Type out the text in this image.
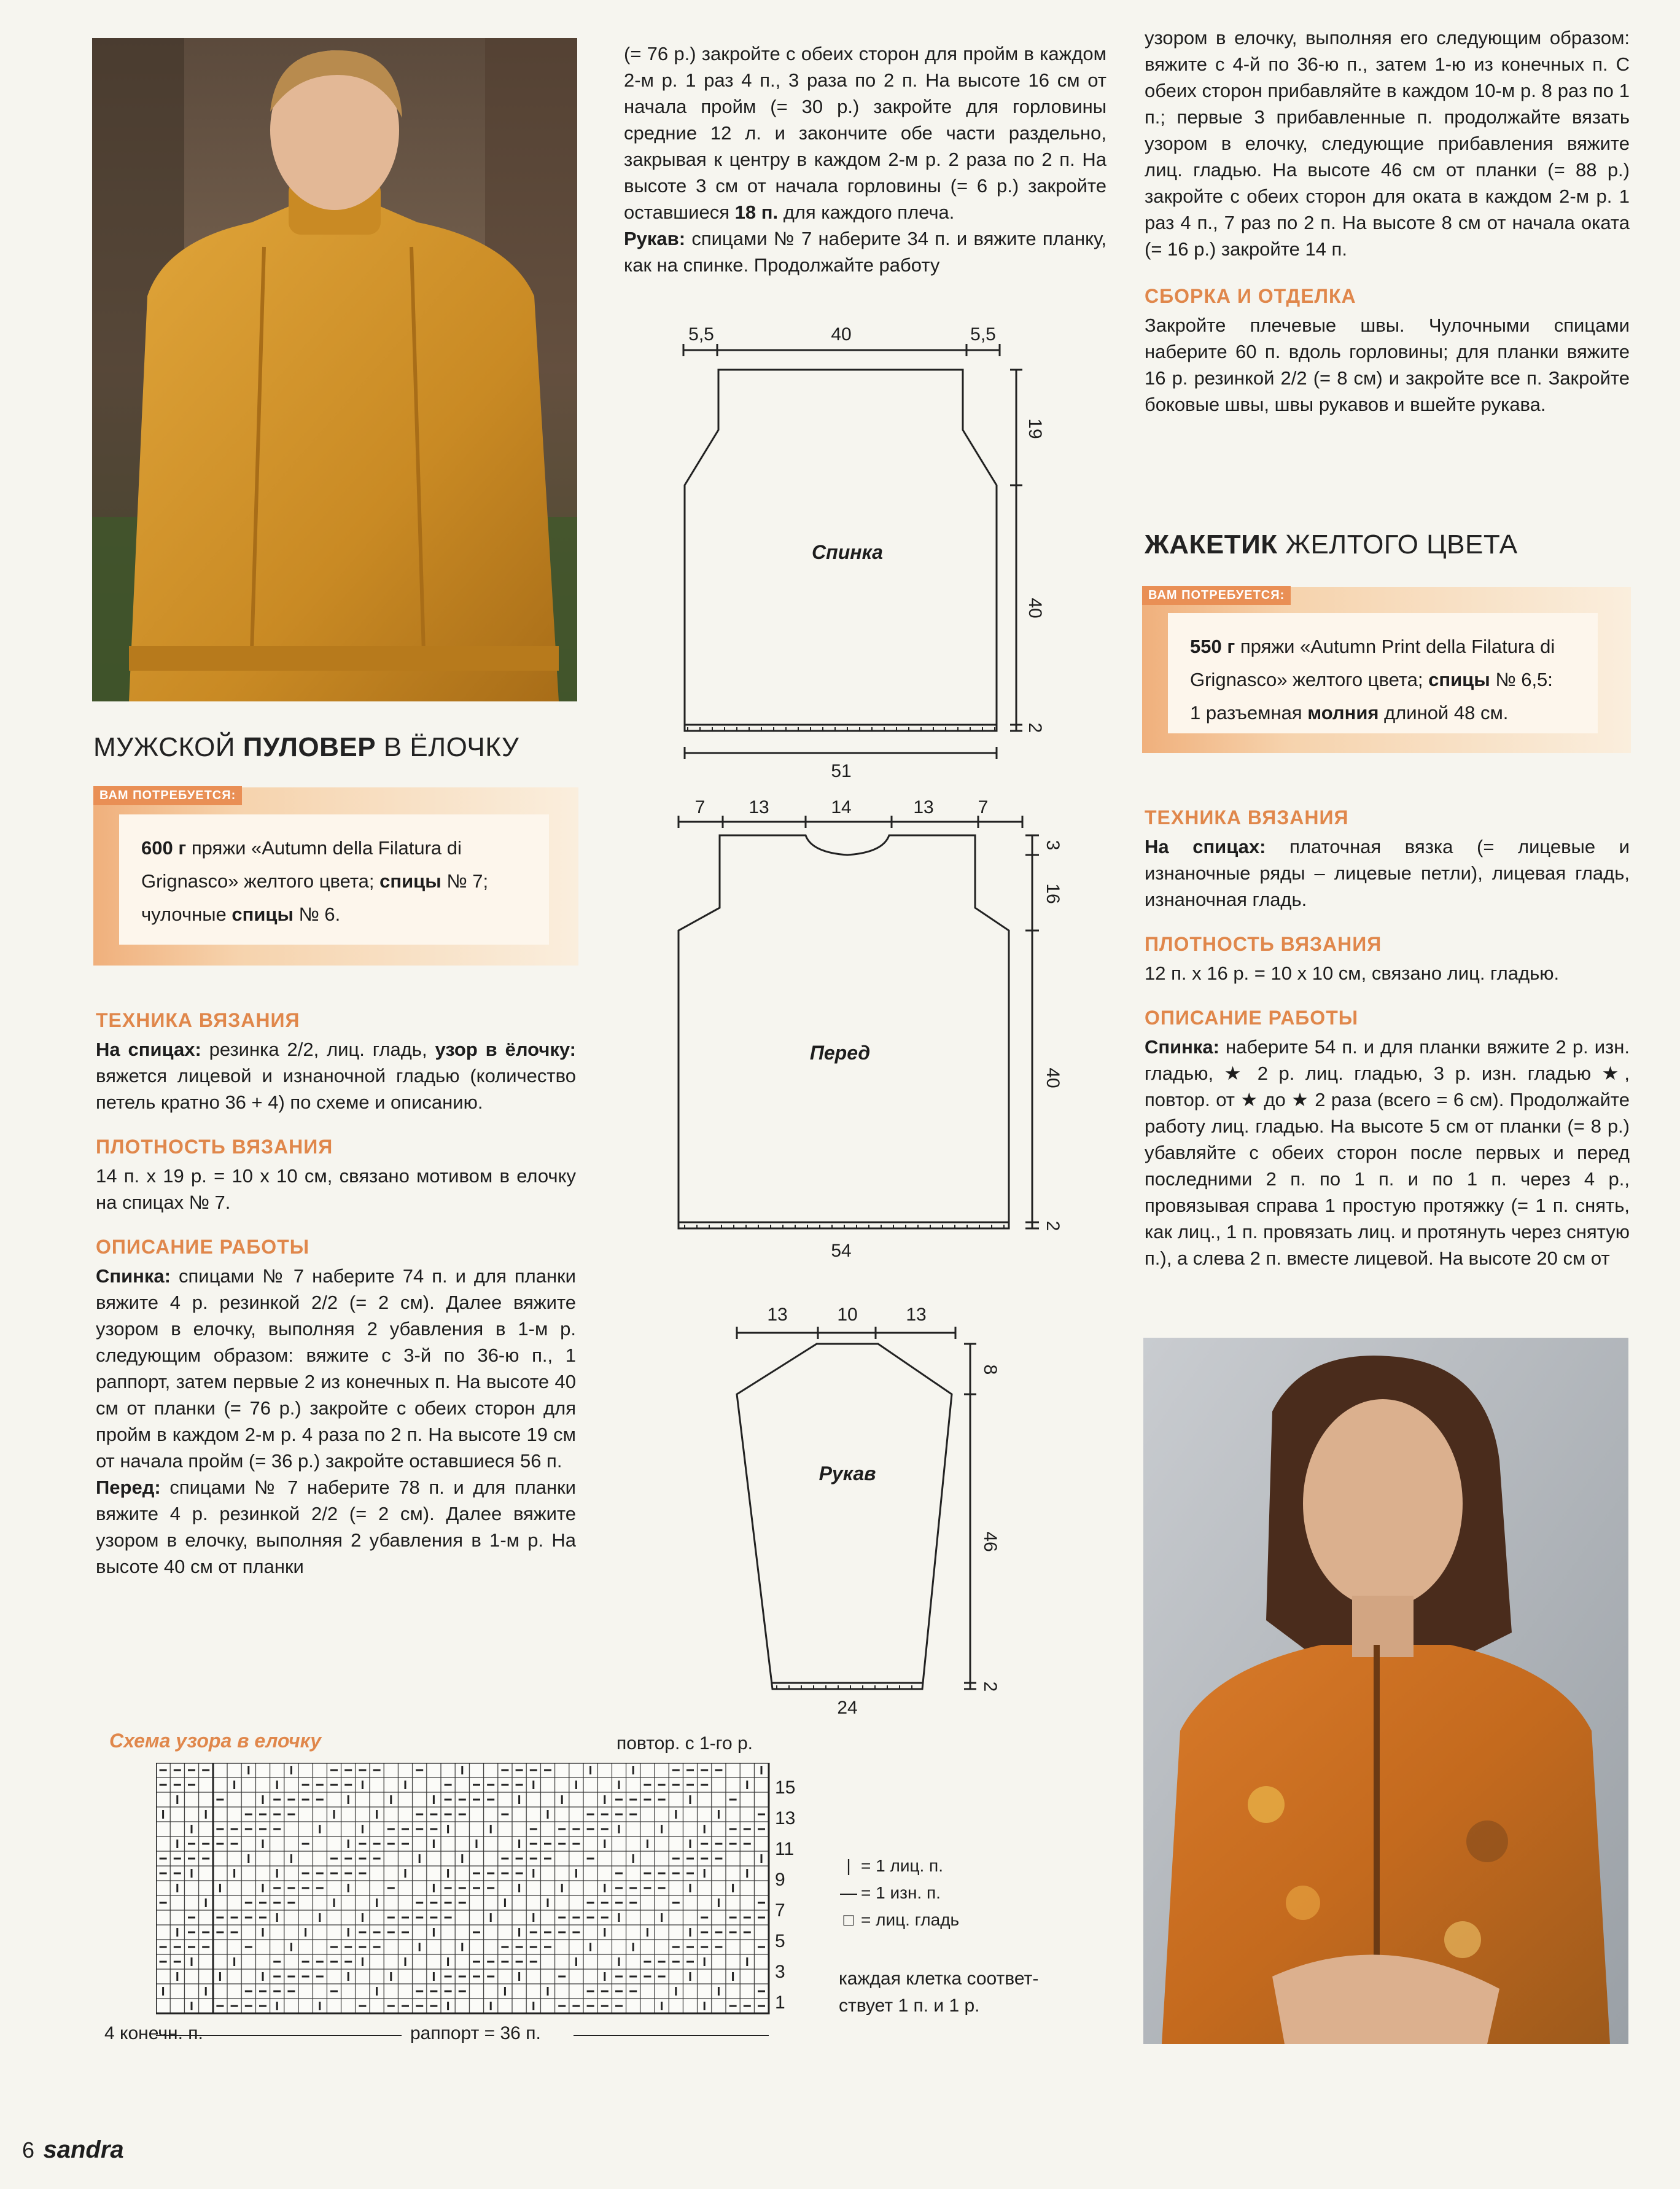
МУЖСКОЙ ПУЛОВЕР В ЁЛОЧКУ
ВАМ ПОТРЕБУЕТСЯ:
600 г пряжи «Autumn della Filatura di
Grignasco» желтого цвета; спицы № 7;
чулочные спицы № 6.
ТЕХНИКА ВЯЗАНИЯ

На спицах: резинка 2/2, лиц. гладь, узор в ёлочку: вяжется лицевой и изнаночной гладью (количество петель кратно 36 + 4) по схеме и описанию.

ПЛОТНОСТЬ ВЯЗАНИЯ

14 п. x 19 р. = 10 x 10 см, связано мотивом в елочку на спицах № 7.

ОПИСАНИЕ РАБОТЫ

Спинка: спицами № 7 наберите 74 п. и для планки вяжите 4 р. резинкой 2/2 (= 2 см). Далее вяжите узором в елочку, выполняя 2 убавления в 1-м р. следующим образом: вяжите с 3-й по 36-ю п., 1 раппорт, затем первые 2 из конечных п. На высоте 40 см от планки (= 76 р.) закройте с обеих сторон для пройм в каждом 2-м р. 4 раза по 2 п. На высоте 19 см от начала пройм (= 36 р.) закройте оставшиеся 56 п.

Перед: спицами № 7 наберите 78 п. и для планки вяжите 4 р. резинкой 2/2 (= 2 см). Далее вяжите узором в елочку, выполняя 2 убавления в 1-м р. На высоте 40 см от планки

(= 76 р.) закройте с обеих сторон для пройм в каждом 2-м р. 1 раз 4 п., 3 раза по 2 п. На высоте 16 см от начала пройм (= 30 р.) закройте для горловины средние 12 л. и закончите обе части раздельно, закрывая к центру в каждом 2-м р. 2 раза по 2 п. На высоте 3 см от начала горловины (= 6 р.) закройте оставшиеся 18 п. для каждого плеча.

Рукав: спицами № 7 наберите 34 п. и вяжите планку, как на спинке. Продолжайте работу

5,5	40	5,5
Спинка
19
40
2
51
7 13	14	13 7
Перед
3
16
40
2
54
13	10	13
Рукав
8
46
2
24
Схема узора в елочку	повтор. с 1-го р.
15
13
11
9
7
5
3
1
4 конечн. п.	раппорт = 36 п.
| = 1 лиц. п.
— = 1 изн. п.
□ = лиц. гладь
каждая клетка соответ-
ствует 1 п. и 1 р.

узором в елочку, выполняя его следующим образом: вяжите с 4-й по 36-ю п., затем 1-ю из конечных п. С обеих сторон прибавляйте в каждом 10-м р. 8 раз по 1 п.; первые 3 прибавленные п. продолжайте вязать узором в елочку, следующие прибавления вяжите лиц. гладью. На высоте 46 см от планки (= 88 р.) закройте с обеих сторон для оката в каждом 2-м р. 1 раз 4 п., 7 раз по 2 п. На высоте 8 см от начала оката (= 16 р.) закройте 14 п.

СБОРКА И ОТДЕЛКА

Закройте плечевые швы. Чулочными спицами наберите 60 п. вдоль горловины; для планки вяжите 16 р. резинкой 2/2 (= 8 см) и закройте все п. Закройте боковые швы, швы рукавов и вшейте рукава.

ЖАКЕТИК ЖЕЛТОГО ЦВЕТА
ВАМ ПОТРЕБУЕТСЯ:
550 г пряжи «Autumn Print della Filatura di
Grignasco» желтого цвета; спицы № 6,5:
1 разъемная молния длиной 48 см.
ТЕХНИКА ВЯЗАНИЯ

На спицах: платочная вязка (= лицевые и изнаночные ряды – лицевые петли), лицевая гладь, изнаночная гладь.

ПЛОТНОСТЬ ВЯЗАНИЯ

12 п. x 16 р. = 10 x 10 см, связано лиц. гладью.

ОПИСАНИЕ РАБОТЫ

Спинка: наберите 54 п. и для планки вяжите 2 р. изн. гладью, ★ 2 р. лиц. гладью, 3 р. изн. гладью ★, повтор. от ★ до ★ 2 раза (всего = 6 см). Продолжайте работу лиц. гладью. На высоте 5 см от планки (= 8 р.) убавляйте с обеих сторон после первых и перед последними 2 п. по 1 п. и по 1 п. через 4 р., провязывая справа 1 простую протяжку (= 1 п. снять, как лиц., 1 п. провязать лиц. и протянуть через снятую п.), а слева 2 п. вместе лицевой. На высоте 20 см от

6 sandra
